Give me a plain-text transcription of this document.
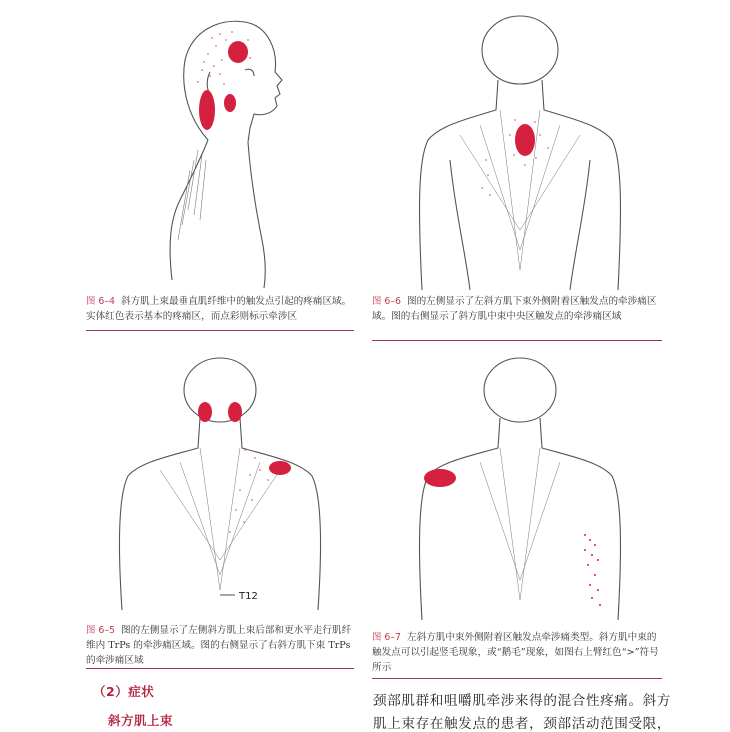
图 6–4 斜方肌上束最垂直肌纤维中的触发点引起的疼痛区域。实体红色表示基本的疼痛区，而点彩则标示牵涉区
图 6–6 图的左侧显示了左斜方肌下束外侧附着区触发点的牵涉痛区域。图的右侧显示了斜方肌中束中央区触发点的牵涉痛区域
T12
图 6–5 图的左侧显示了左侧斜方肌上束后部和更水平走行肌纤维内 TrPs 的牵涉痛区域。图的右侧显示了右斜方肌下束 TrPs 的牵涉痛区域
图 6–7 左斜方肌中束外侧附着区触发点牵涉痛类型。斜方肌中束的触发点可以引起竖毛现象，或“鹅毛”现象，如图右上臂红色“>”符号所示
（2）症状
斜方肌上束
颈部肌群和咀嚼肌牵涉来得的混合性疼痛。斜方
肌上束存在触发点的患者，颈部活动范围受限，
